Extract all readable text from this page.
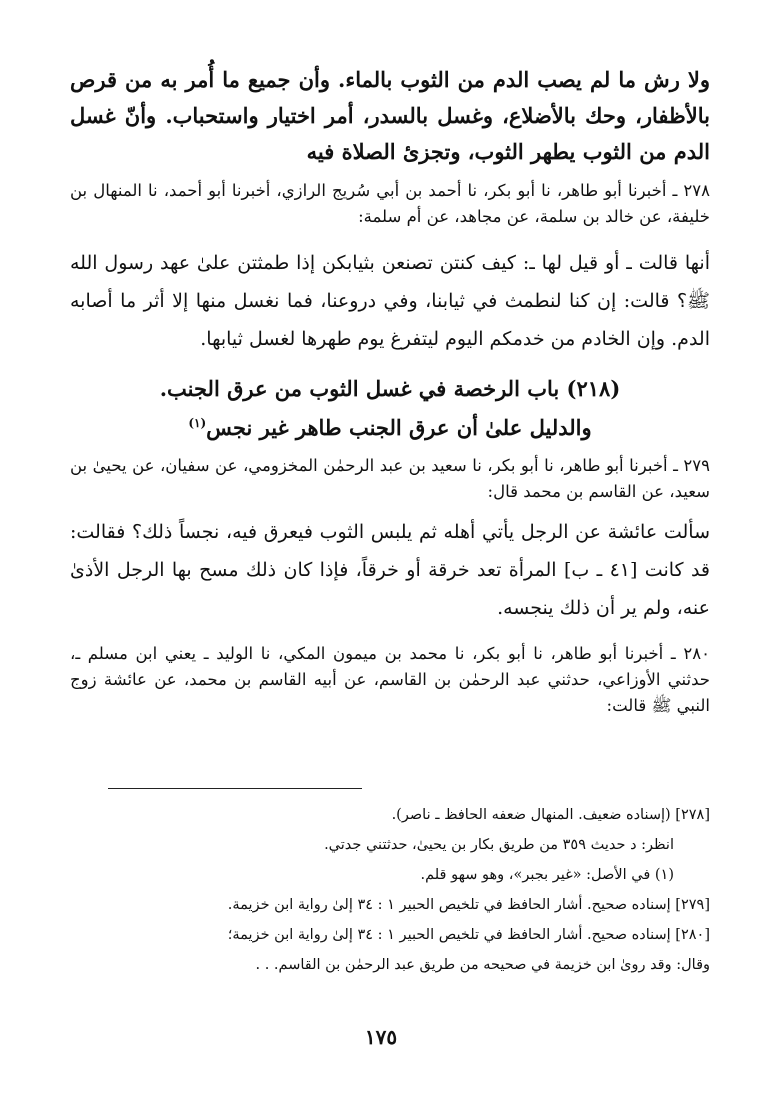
ولا رش ما لم يصب الدم من الثوب بالماء. وأن جميع ما أُمر به من قرص بالأظفار، وحك بالأضلاع، وغسل بالسدر، أمر اختيار واستحباب. وأنّ غسل الدم من الثوب يطهر الثوب، وتجزئ الصلاة فيه

٢٧٨ ـ أخبرنا أبو طاهر، نا أبو بكر، نا أحمد بن أبي سُريج الرازي، أخبرنا أبو أحمد، نا المنهال بن خليفة، عن خالد بن سلمة، عن مجاهد، عن أم سلمة:

أنها قالت ـ أو قيل لها ـ: كيف كنتن تصنعن بثيابكن إذا طمثتن علىٰ عهد رسول الله ﷺ؟ قالت: إن كنا لنطمث في ثيابنا، وفي دروعنا، فما نغسل منها إلا أثر ما أصابه الدم. وإن الخادم من خدمكم اليوم ليتفرغ يوم طهرها لغسل ثيابها.

(٢١٨) باب الرخصة في غسل الثوب من عرق الجنب.
والدليل علىٰ أن عرق الجنب طاهر غير نجس$^{(١)}$

٢٧٩ ـ أخبرنا أبو طاهر، نا أبو بكر، نا سعيد بن عبد الرحمٰن المخزومي، عن سفيان، عن يحيىٰ بن سعيد، عن القاسم بن محمد قال:

سألت عائشة عن الرجل يأتي أهله ثم يلبس الثوب فيعرق فيه، نجساً ذلك؟ فقالت: قد كانت [٤١ ـ ب] المرأة تعد خرقة أو خرقاً، فإذا كان ذلك مسح بها الرجل الأذىٰ عنه، ولم ير أن ذلك ينجسه.

٢٨٠ ـ أخبرنا أبو طاهر، نا أبو بكر، نا محمد بن ميمون المكي، نا الوليد ـ يعني ابن مسلم ـ، حدثني الأوزاعي، حدثني عبد الرحمٰن بن القاسم، عن أبيه القاسم بن محمد، عن عائشة زوج النبي ﷺ قالت:

[٢٧٨] (إسناده ضعيف. المنهال ضعفه الحافظ ـ ناصر).
انظر: د حديث ٣٥٩ من طريق بكار بن يحيىٰ، حدثتني جدتي.
(١) في الأصل: «غير بجبر»، وهو سهو قلم.
[٢٧٩] إسناده صحيح. أشار الحافظ في تلخيص الحبير ١ : ٣٤ إلىٰ رواية ابن خزيمة.
[٢٨٠] إسناده صحيح. أشار الحافظ في تلخيص الحبير ١ : ٣٤ إلىٰ رواية ابن خزيمة؛
وقال: وقد روىٰ ابن خزيمة في صحيحه من طريق عبد الرحمٰن بن القاسم. . .
١٧٥
